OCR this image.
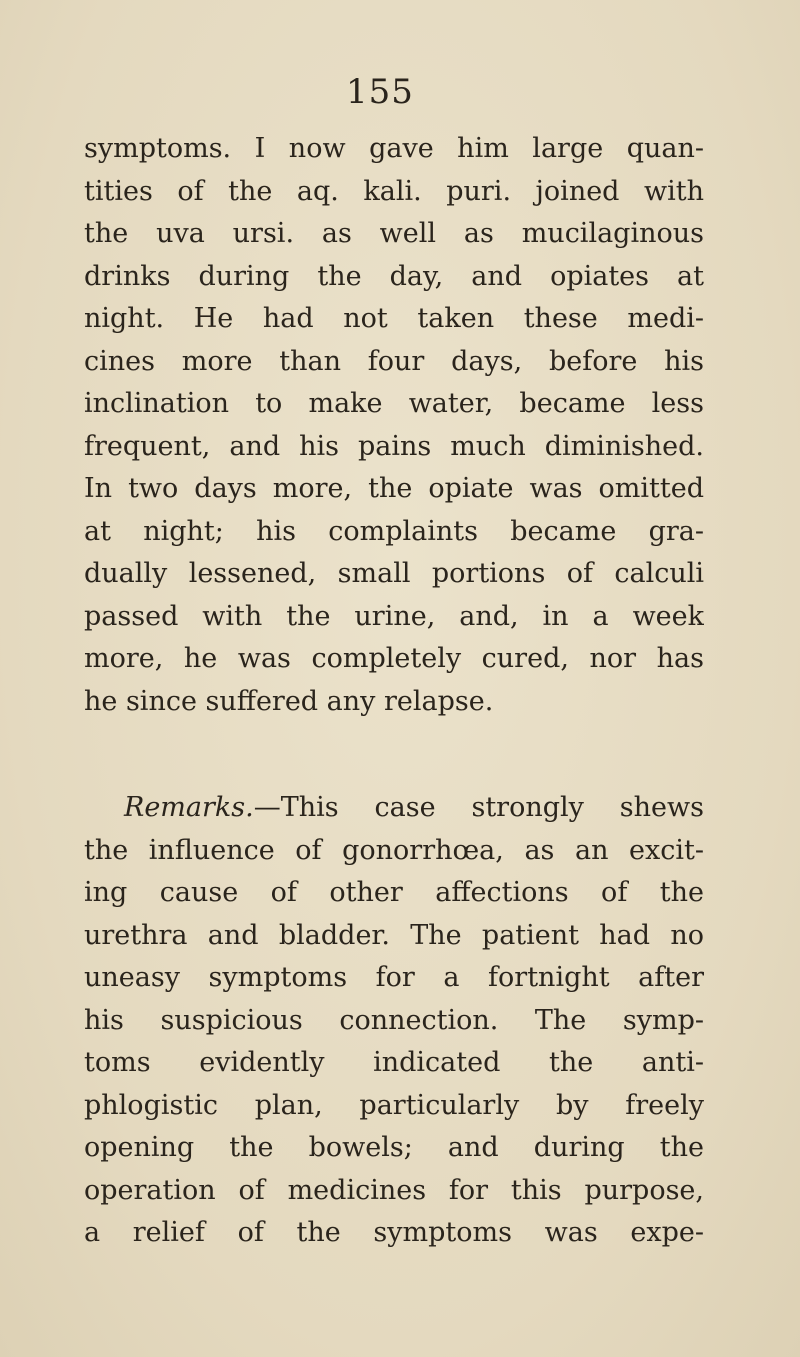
155
symptoms. I now gave him large quan-
tities of the aq. kali. puri. joined with
the uva ursi. as well as mucilaginous
drinks during the day, and opiates at
night. He had not taken these medi-
cines more than four days, before his
inclination to make water, became less
frequent, and his pains much diminished.
In two days more, the opiate was omitted
at night; his complaints became gra-
dually lessened, small portions of calculi
passed with the urine, and, in a week
more, he was completely cured, nor has
he since suffered any relapse.
Remarks.—This case strongly shews
the influence of gonorrhœa, as an excit-
ing cause of other affections of the
urethra and bladder. The patient had no
uneasy symptoms for a fortnight after
his suspicious connection. The symp-
toms evidently indicated the anti-
phlogistic plan, particularly by freely
opening the bowels; and during the
operation of medicines for this purpose,
a relief of the symptoms was expe-
